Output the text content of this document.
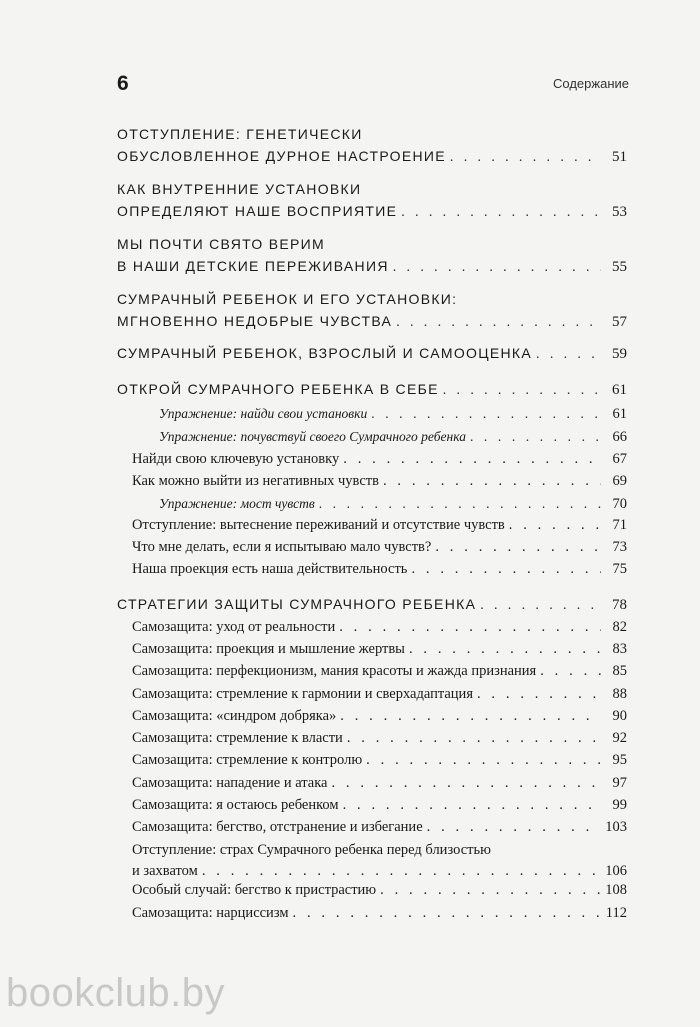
6	Содержание
ОТСТУПЛЕНИЕ: ГЕНЕТИЧЕСКИ
ОБУСЛОВЛЕННОЕ ДУРНОЕ НАСТРОЕНИЕ . . .	51
КАК ВНУТРЕННИЕ УСТАНОВКИ
ОПРЕДЕЛЯЮТ НАШЕ ВОСПРИЯТИЕ . . .	53
МЫ ПОЧТИ СВЯТО ВЕРИМ
В НАШИ ДЕТСКИЕ ПЕРЕЖИВАНИЯ . . .	55
СУМРАЧНЫЙ РЕБЕНОК И ЕГО УСТАНОВКИ:
МГНОВЕННО НЕДОБРЫЕ ЧУВСТВА . . .	57
СУМРАЧНЫЙ РЕБЕНОК, ВЗРОСЛЫЙ И САМООЦЕНКА . . .	59
ОТКРОЙ СУМРАЧНОГО РЕБЕНКА В СЕБЕ . . .	61
Упражнение: найди свои установки . . .	61
Упражнение: почувствуй своего Сумрачного ребенка . . .	66
Найди свою ключевую установку . . .	67
Как можно выйти из негативных чувств . . .	69
Упражнение: мост чувств . . .	70
Отступление: вытеснение переживаний и отсутствие чувств . . .	71
Что мне делать, если я испытываю мало чувств? . . .	73
Наша проекция есть наша действительность . . .	75
СТРАТЕГИИ ЗАЩИТЫ СУМРАЧНОГО РЕБЕНКА . . .	78
Самозащита: уход от реальности . . .	82
Самозащита: проекция и мышление жертвы . . .	83
Самозащита: перфекционизм, мания красоты и жажда признания . . .	85
Самозащита: стремление к гармонии и сверхадаптация . . .	88
Самозащита: «синдром добряка» . . .	90
Самозащита: стремление к власти . . .	92
Самозащита: стремление к контролю . . .	95
Самозащита: нападение и атака . . .	97
Самозащита: я остаюсь ребенком . . .	99
Самозащита: бегство, отстранение и избегание . . .	103
Отступление: страх Сумрачного ребенка перед близостью
и захватом . . .	106
Особый случай: бегство к пристрастию . . .	108
Самозащита: нарциссизм . . .	112
bookclub.by
